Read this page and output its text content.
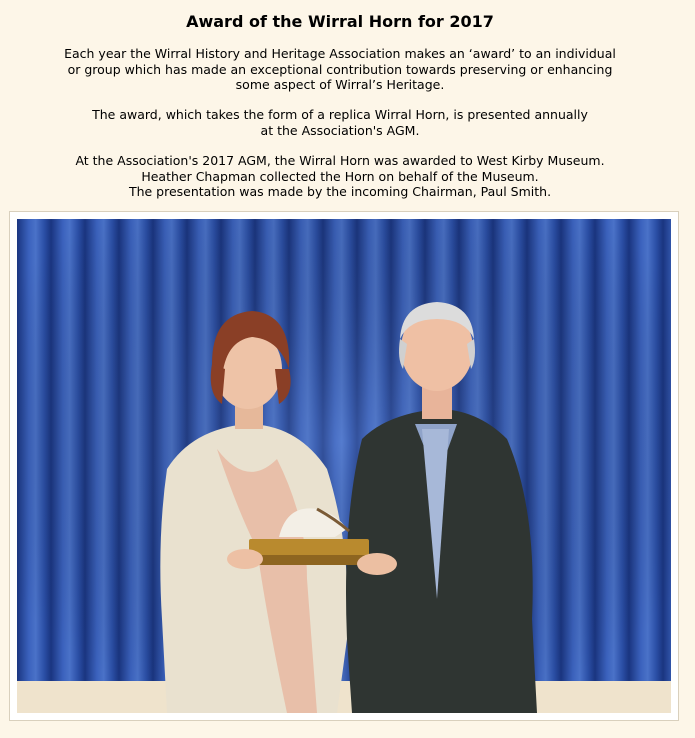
Award of the Wirral Horn for 2017
Each year the Wirral History and Heritage Association makes an ‘award’ to an individual
or group which has made an exceptional contribution towards preserving or enhancing
some aspect of Wirral’s Heritage.
The award, which takes the form of a replica Wirral Horn, is presented annually
at the Association's AGM.
At the Association's 2017 AGM, the Wirral Horn was awarded to West Kirby Museum.
Heather Chapman collected the Horn on behalf of the Museum.
The presentation was made by the incoming Chairman, Paul Smith.
